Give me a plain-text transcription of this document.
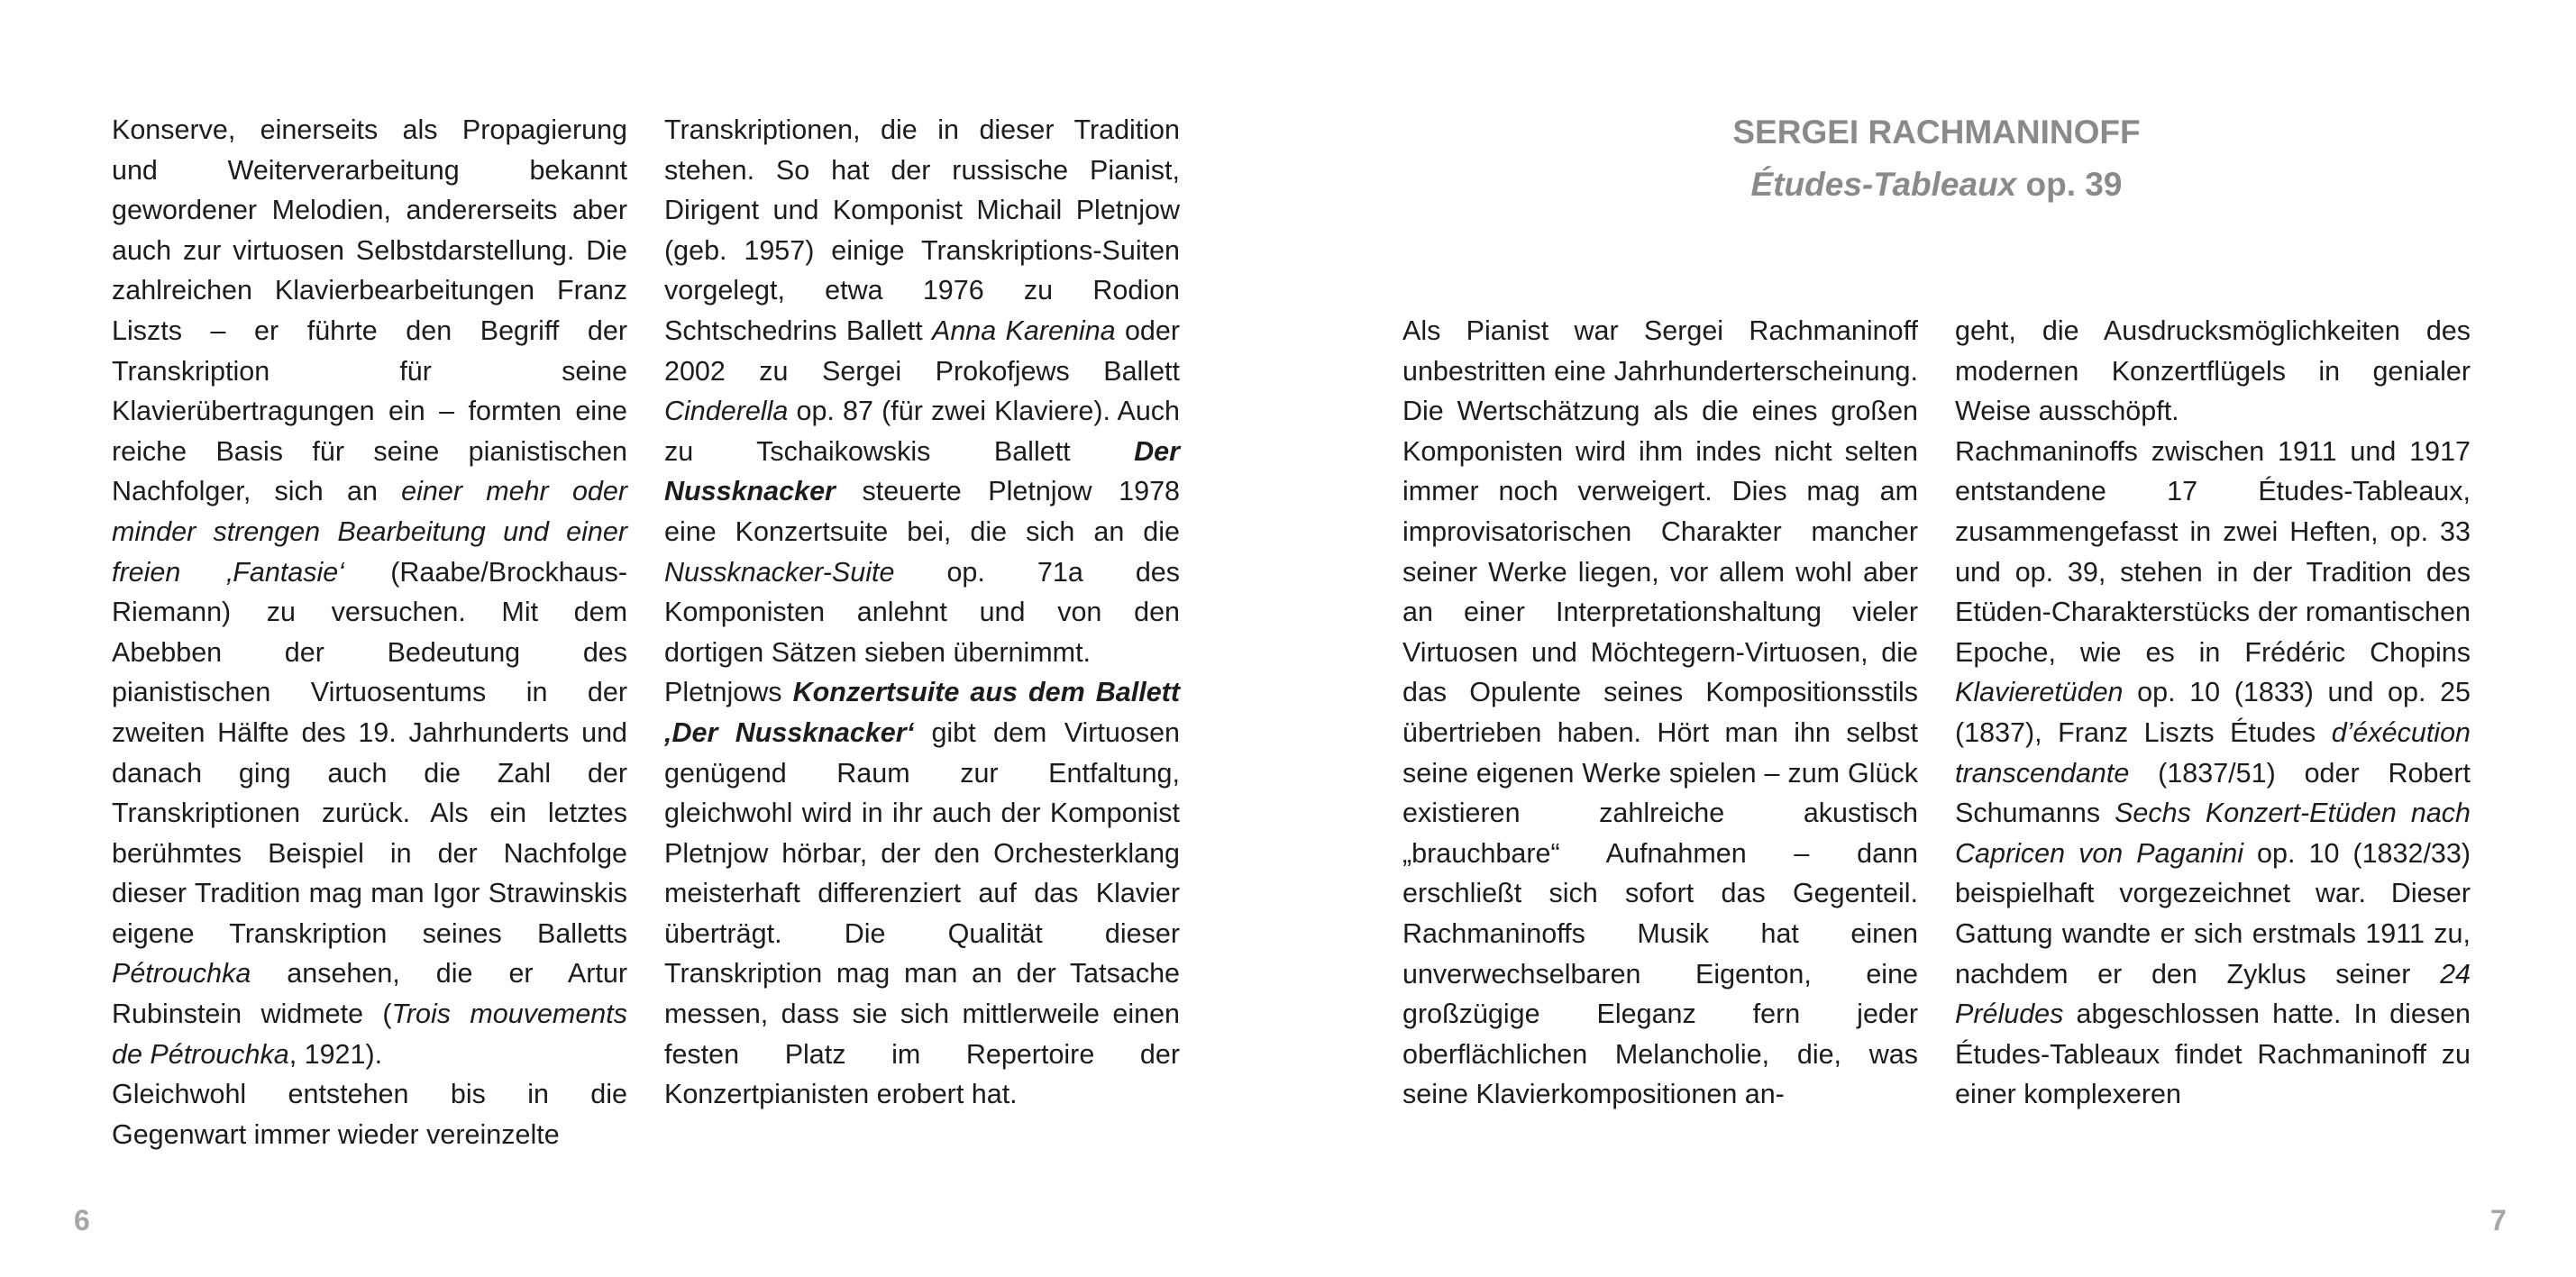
Konserve, einerseits als Propagierung und Weiterverarbeitung bekannt gewordener Melodien, andererseits aber auch zur virtuosen Selbstdarstellung. Die zahlreichen Klavierbearbeitungen Franz Liszts – er führte den Begriff der Transkription für seine Klavierübertragungen ein – formten eine reiche Basis für seine pianistischen Nachfolger, sich an einer mehr oder minder strengen Bearbeitung und einer freien ‚Fantasie‘ (Raabe/Brockhaus-Riemann) zu versuchen. Mit dem Abebben der Bedeutung des pianistischen Virtuosentums in der zweiten Hälfte des 19. Jahrhunderts und danach ging auch die Zahl der Transkriptionen zurück. Als ein letztes berühmtes Beispiel in der Nachfolge dieser Tradition mag man Igor Strawinskis eigene Transkription seines Balletts Pétrouchka ansehen, die er Artur Rubinstein widmete (Trois mouvements de Pétrouchka, 1921).

Gleichwohl entstehen bis in die Gegenwart immer wieder vereinzelte

Transkriptionen, die in dieser Tradition stehen. So hat der russische Pianist, Dirigent und Komponist Michail Pletnjow (geb. 1957) einige Transkriptions-Suiten vorgelegt, etwa 1976 zu Rodion Schtschedrins Ballett Anna Karenina oder 2002 zu Sergei Prokofjews Ballett Cinderella op. 87 (für zwei Klaviere). Auch zu Tschaikowskis Ballett Der Nussknacker steuerte Pletnjow 1978 eine Konzertsuite bei, die sich an die Nussknacker-Suite op. 71a des Komponisten anlehnt und von den dortigen Sätzen sieben übernimmt.

Pletnjows Konzertsuite aus dem Ballett ‚Der Nussknacker‘ gibt dem Virtuosen genügend Raum zur Entfaltung, gleichwohl wird in ihr auch der Komponist Pletnjow hörbar, der den Orchesterklang meisterhaft differenziert auf das Klavier überträgt. Die Qualität dieser Transkription mag man an der Tatsache messen, dass sie sich mittlerweile einen festen Platz im Repertoire der Konzertpianisten erobert hat.

6
SERGEI RACHMANINOFF
Études-Tableaux op. 39

Als Pianist war Sergei Rachmaninoff unbestritten eine Jahrhunderterscheinung. Die Wertschätzung als die eines großen Komponisten wird ihm indes nicht selten immer noch verweigert. Dies mag am improvisatorischen Charakter mancher seiner Werke liegen, vor allem wohl aber an einer Interpretationshaltung vieler Virtuosen und Möchtegern-Virtuosen, die das Opulente seines Kompositionsstils übertrieben haben. Hört man ihn selbst seine eigenen Werke spielen – zum Glück existieren zahlreiche akustisch „brauchbare“ Aufnahmen – dann erschließt sich sofort das Gegenteil. Rachmaninoffs Musik hat einen unverwechselbaren Eigenton, eine großzügige Eleganz fern jeder oberflächlichen Melancholie, die, was seine Klavierkompositionen an-

geht, die Ausdrucksmöglichkeiten des modernen Konzertflügels in genialer Weise ausschöpft.

Rachmaninoffs zwischen 1911 und 1917 entstandene 17 Études-Tableaux, zusammengefasst in zwei Heften, op. 33 und op. 39, stehen in der Tradition des Etüden-Charakterstücks der romantischen Epoche, wie es in Frédéric Chopins Klavieretüden op. 10 (1833) und op. 25 (1837), Franz Liszts Études d’éxécution transcendante (1837/51) oder Robert Schumanns Sechs Konzert-Etüden nach Capricen von Paganini op. 10 (1832/33) beispielhaft vorgezeichnet war. Dieser Gattung wandte er sich erstmals 1911 zu, nachdem er den Zyklus seiner 24 Préludes abgeschlossen hatte. In diesen Études-Tableaux findet Rachmaninoff zu einer komplexeren

7
